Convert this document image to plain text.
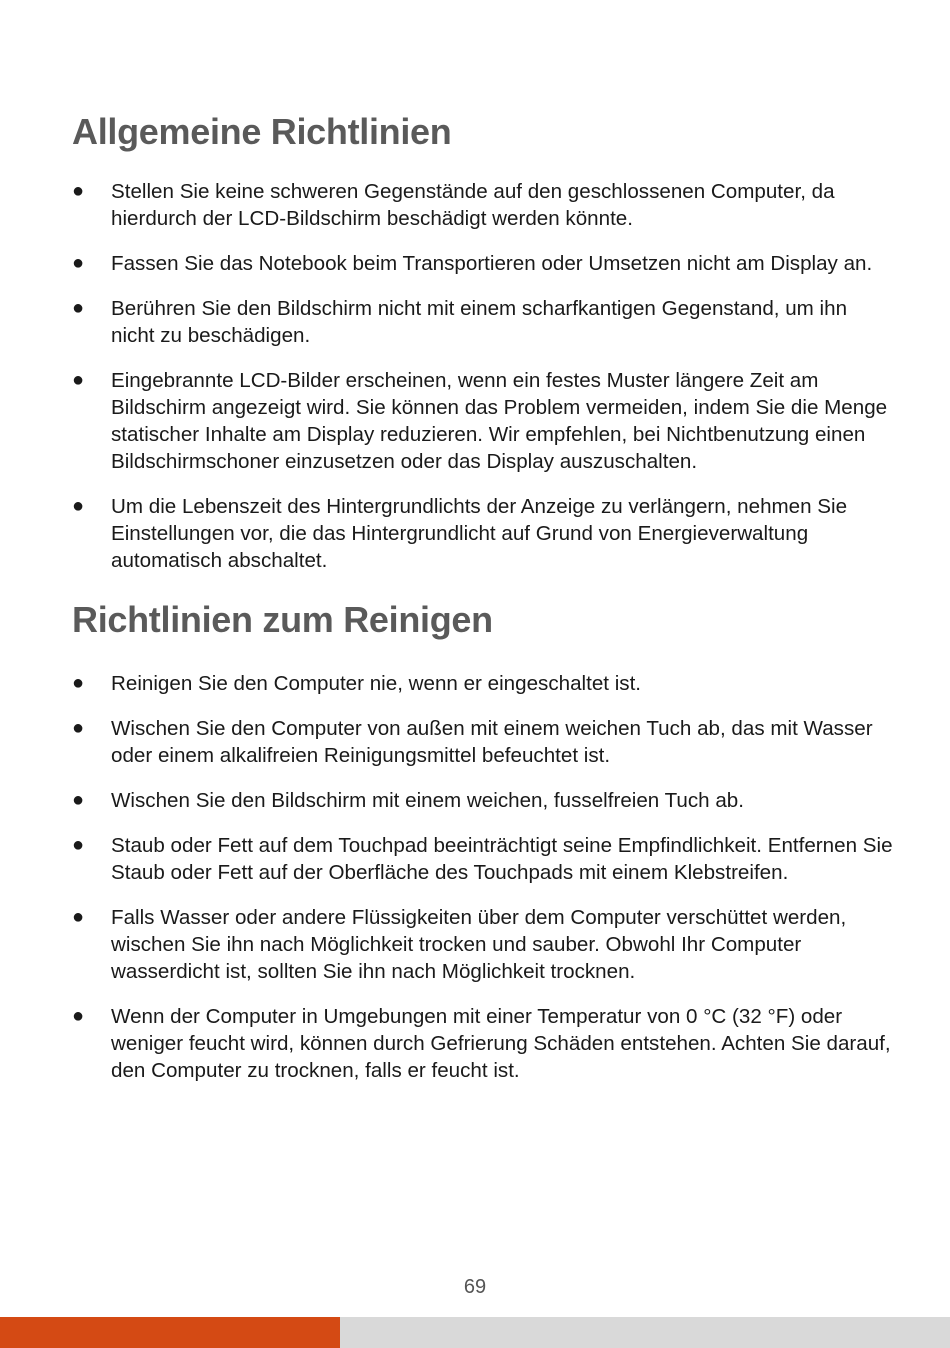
Allgemeine Richtlinien
● Stellen Sie keine schweren Gegenstände auf den geschlossenen Computer, da hierdurch der LCD-Bildschirm beschädigt werden könnte.
● Fassen Sie das Notebook beim Transportieren oder Umsetzen nicht am Display an.
● Berühren Sie den Bildschirm nicht mit einem scharfkantigen Gegenstand, um ihn nicht zu beschädigen.
● Eingebrannte LCD-Bilder erscheinen, wenn ein festes Muster längere Zeit am Bildschirm angezeigt wird. Sie können das Problem vermeiden, indem Sie die Menge statischer Inhalte am Display reduzieren. Wir empfehlen, bei Nichtbenutzung einen Bildschirmschoner einzusetzen oder das Display auszuschalten.
● Um die Lebenszeit des Hintergrundlichts der Anzeige zu verlängern, nehmen Sie Einstellungen vor, die das Hintergrundlicht auf Grund von Energieverwaltung automatisch abschaltet.
Richtlinien zum Reinigen
● Reinigen Sie den Computer nie, wenn er eingeschaltet ist.
● Wischen Sie den Computer von außen mit einem weichen Tuch ab, das mit Wasser oder einem alkalifreien Reinigungsmittel befeuchtet ist.
● Wischen Sie den Bildschirm mit einem weichen, fusselfreien Tuch ab.
● Staub oder Fett auf dem Touchpad beeinträchtigt seine Empfindlichkeit. Entfernen Sie Staub oder Fett auf der Oberfläche des Touchpads mit einem Klebstreifen.
● Falls Wasser oder andere Flüssigkeiten über dem Computer verschüttet werden, wischen Sie ihn nach Möglichkeit trocken und sauber. Obwohl Ihr Computer wasserdicht ist, sollten Sie ihn nach Möglichkeit trocknen.
● Wenn der Computer in Umgebungen mit einer Temperatur von 0 °C (32 °F) oder weniger feucht wird, können durch Gefrierung Schäden entstehen. Achten Sie darauf, den Computer zu trocknen, falls er feucht ist.
69
